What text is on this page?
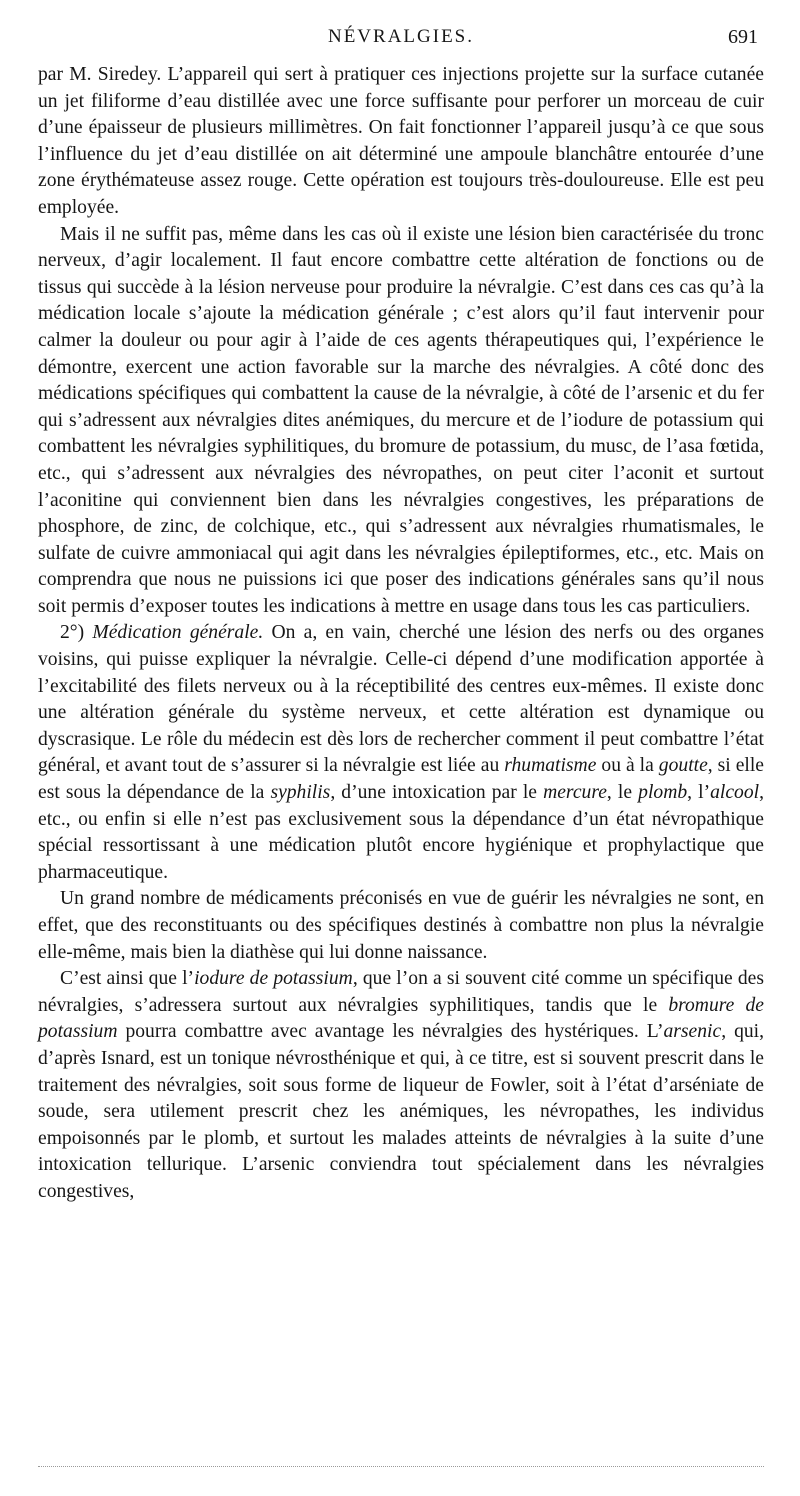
NÉVRALGIES.	691

par M. Siredey. L’appareil qui sert à pratiquer ces injections projette sur la surface cutanée un jet filiforme d’eau distillée avec une force suffisante pour perforer un morceau de cuir d’une épaisseur de plusieurs millimètres. On fait fonctionner l’appareil jusqu’à ce que sous l’influence du jet d’eau distillée on ait déterminé une ampoule blanchâtre entourée d’une zone érythémateuse assez rouge. Cette opération est toujours très-douloureuse. Elle est peu employée.

Mais il ne suffit pas, même dans les cas où il existe une lésion bien caractérisée du tronc nerveux, d’agir localement. Il faut encore combattre cette altération de fonctions ou de tissus qui succède à la lésion nerveuse pour produire la névralgie. C’est dans ces cas qu’à la médication locale s’ajoute la médication générale ; c’est alors qu’il faut intervenir pour calmer la douleur ou pour agir à l’aide de ces agents thérapeutiques qui, l’expérience le démontre, exercent une action favorable sur la marche des névralgies. A côté donc des médications spécifiques qui combattent la cause de la névralgie, à côté de l’arsenic et du fer qui s’adressent aux névralgies dites anémiques, du mercure et de l’iodure de potassium qui combattent les névralgies syphilitiques, du bromure de potassium, du musc, de l’asa fœtida, etc., qui s’adressent aux névralgies des névropathes, on peut citer l’aconit et surtout l’aconitine qui conviennent bien dans les névralgies congestives, les préparations de phosphore, de zinc, de colchique, etc., qui s’adressent aux névralgies rhumatismales, le sulfate de cuivre ammoniacal qui agit dans les névralgies épileptiformes, etc., etc. Mais on comprendra que nous ne puissions ici que poser des indications générales sans qu’il nous soit permis d’exposer toutes les indications à mettre en usage dans tous les cas particuliers.

2°) Médication générale. On a, en vain, cherché une lésion des nerfs ou des organes voisins, qui puisse expliquer la névralgie. Celle-ci dépend d’une modification apportée à l’excitabilité des filets nerveux ou à la réceptibilité des centres eux-mêmes. Il existe donc une altération générale du système nerveux, et cette altération est dynamique ou dyscrasique. Le rôle du médecin est dès lors de rechercher comment il peut combattre l’état général, et avant tout de s’assurer si la névralgie est liée au rhumatisme ou à la goutte, si elle est sous la dépendance de la syphilis, d’une intoxication par le mercure, le plomb, l’alcool, etc., ou enfin si elle n’est pas exclusivement sous la dépendance d’un état névropathique spécial ressortissant à une médication plutôt encore hygiénique et prophylactique que pharmaceutique.

Un grand nombre de médicaments préconisés en vue de guérir les névralgies ne sont, en effet, que des reconstituants ou des spécifiques destinés à combattre non plus la névralgie elle-même, mais bien la diathèse qui lui donne naissance.

C’est ainsi que l’iodure de potassium, que l’on a si souvent cité comme un spécifique des névralgies, s’adressera surtout aux névralgies syphilitiques, tandis que le bromure de potassium pourra combattre avec avantage les névralgies des hystériques. L’arsenic, qui, d’après Isnard, est un tonique névrosthénique et qui, à ce titre, est si souvent prescrit dans le traitement des névralgies, soit sous forme de liqueur de Fowler, soit à l’état d’arséniate de soude, sera utilement prescrit chez les anémiques, les névropathes, les individus empoisonnés par le plomb, et surtout les malades atteints de névralgies à la suite d’une intoxication tellurique. L’arsenic conviendra tout spécialement dans les névralgies congestives,
